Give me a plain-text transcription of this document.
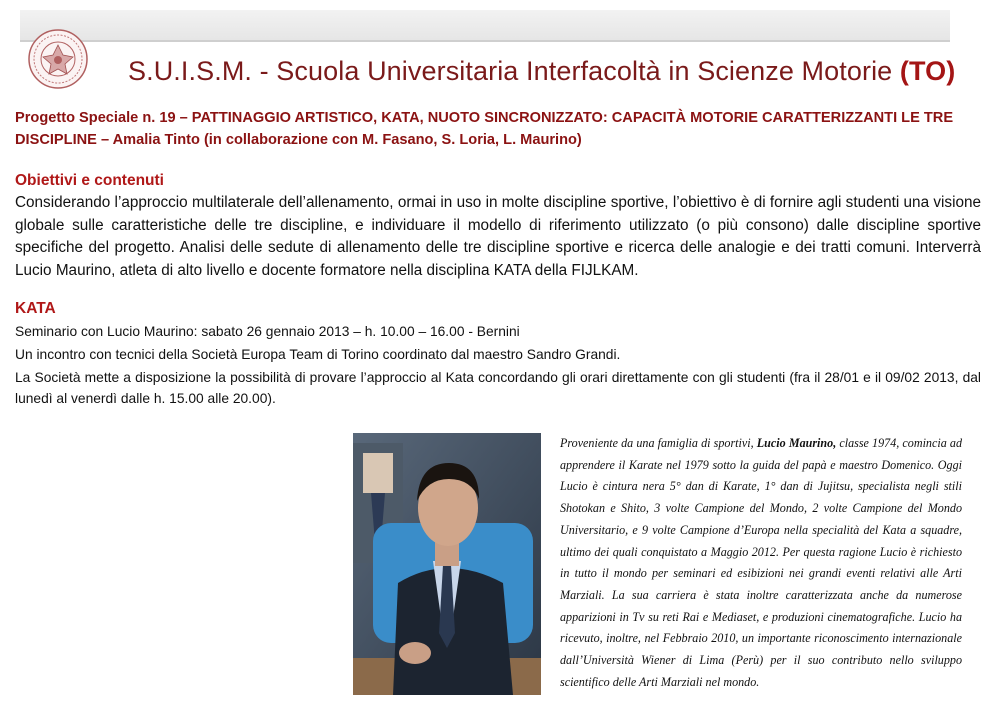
S.U.I.S.M. - Scuola Universitaria Interfacoltà in Scienze Motorie (TO)
Progetto Speciale n. 19 – PATTINAGGIO ARTISTICO, KATA, NUOTO SINCRONIZZATO: CAPACITÀ MOTORIE CARATTERIZZANTI LE TRE DISCIPLINE – Amalia Tinto (in collaborazione con M. Fasano, S. Loria, L. Maurino)
Obiettivi e contenuti
Considerando l’approccio multilaterale dell’allenamento, ormai in uso in molte discipline sportive, l’obiettivo è di fornire agli studenti una visione globale sulle caratteristiche delle tre discipline, e individuare il modello di riferimento utilizzato (o più consono) dalle discipline sportive specifiche del progetto. Analisi delle sedute di allenamento delle tre discipline sportive e ricerca delle analogie e dei tratti comuni. Interverrà Lucio Maurino, atleta di alto livello e docente formatore nella disciplina KATA della FIJLKAM.
KATA
Seminario con Lucio Maurino: sabato 26 gennaio 2013 – h. 10.00 – 16.00 - Bernini
Un incontro con tecnici della Società Europa Team di Torino coordinato dal maestro Sandro Grandi.
La Società mette a disposizione la possibilità di provare l’approccio al Kata concordando gli orari direttamente con gli studenti (fra il 28/01 e il 09/02 2013, dal lunedì al venerdì dalle h. 15.00 alle 20.00).
Proveniente da una famiglia di sportivi, Lucio Maurino, classe 1974, comincia ad apprendere il Karate nel 1979 sotto la guida del papà e maestro Domenico. Oggi Lucio è cintura nera 5° dan di Karate, 1° dan di Jujitsu, specialista negli stili Shotokan e Shito, 3 volte Campione del Mondo, 2 volte Campione del Mondo Universitario, e 9 volte Campione d’Europa nella specialità del Kata a squadre, ultimo dei quali conquistato a Maggio 2012. Per questa ragione Lucio è richiesto in tutto il mondo per seminari ed esibizioni nei grandi eventi relativi alle Arti Marziali. La sua carriera è stata inoltre caratterizzata anche da numerose apparizioni in Tv su reti Rai e Mediaset, e produzioni cinematografiche. Lucio ha ricevuto, inoltre, nel Febbraio 2010, un importante riconoscimento internazionale dall’Università Wiener di Lima (Perù) per il suo contributo nello sviluppo scientifico delle Arti Marziali nel mondo.
